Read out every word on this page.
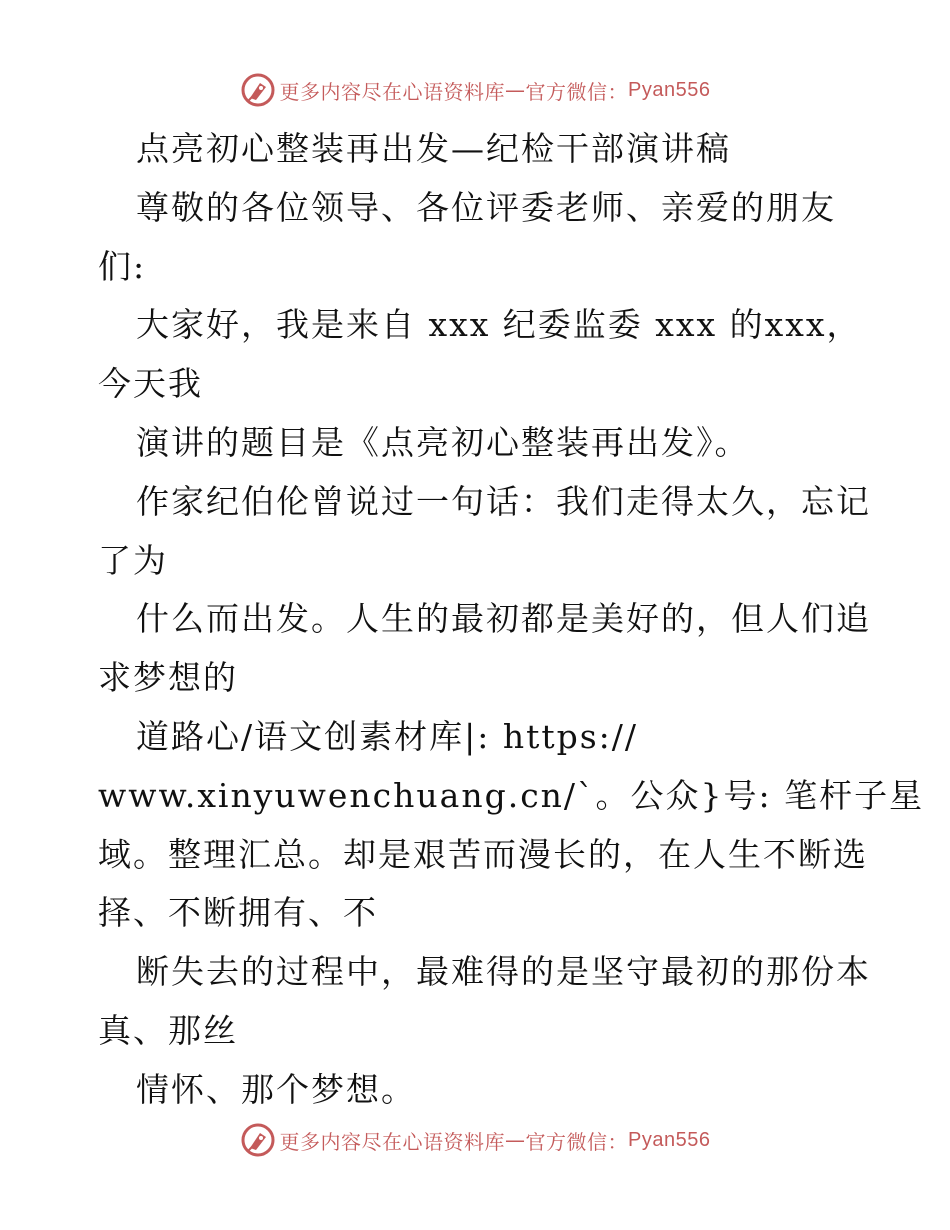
更多内容尽在心语资料库 — 官方微信： Pyan556
点亮初心整装再出发—纪检干部演讲稿
尊敬的各位领导、各位评委老师、亲爱的朋友
们:
大家好，我是来自 xxx 纪委监委 xxx 的xxx，
今天我
演讲的题目是《点亮初心整装再出发》。
作家纪伯伦曾说过一句话：我们走得太久，忘记
了为
什么而出发。人生的最初都是美好的，但人们追
求梦想的
道路心/语文创素材库|: https://
www.xinyuwenchuang.cn/`。公众}号: 笔杆子星
域。整理汇总。却是艰苦而漫长的，在人生不断选
择、不断拥有、不
断失去的过程中，最难得的是坚守最初的那份本
真、那丝
情怀、那个梦想。
更多内容尽在心语资料库 — 官方微信： Pyan556
